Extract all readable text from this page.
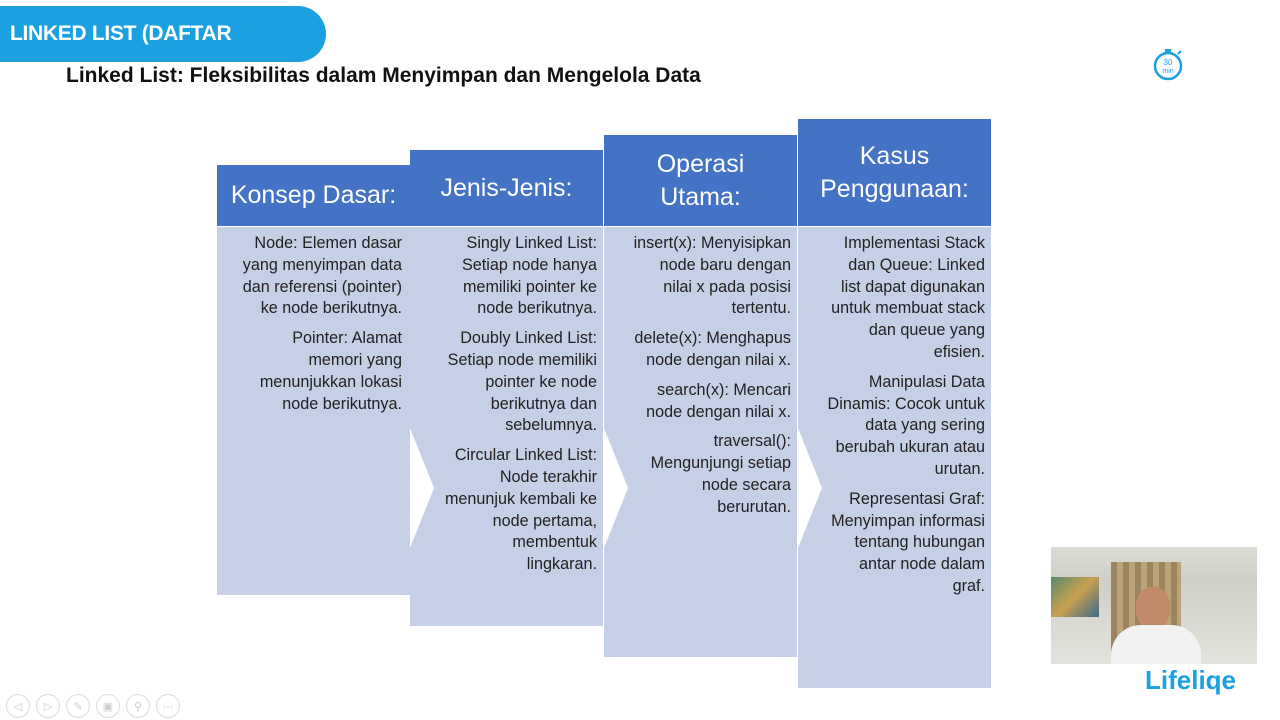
LINKED LIST (DAFTAR TERTAUT)
Linked List: Fleksibilitas dalam Menyimpan dan Mengelola Data
30
min
Konsep Dasar:

Node: Elemen dasar yang menyimpan data dan referensi (pointer) ke node berikutnya.

Pointer: Alamat memori yang menunjukkan lokasi node berikutnya.

Jenis-Jenis:

Singly Linked List: Setiap node hanya memiliki pointer ke node berikutnya.

Doubly Linked List: Setiap node memiliki pointer ke node berikutnya dan sebelumnya.

Circular Linked List: Node terakhir menunjuk kembali ke node pertama, membentuk lingkaran.

Operasi Utama:

insert(x): Menyisipkan node baru dengan nilai x pada posisi tertentu.

delete(x): Menghapus node dengan nilai x.

search(x): Mencari node dengan nilai x.

traversal(): Mengunjungi setiap node secara berurutan.

Kasus Penggunaan:

Implementasi Stack dan Queue: Linked list dapat digunakan untuk membuat stack dan queue yang efisien.

Manipulasi Data Dinamis: Cocok untuk data yang sering berubah ukuran atau urutan.

Representasi Graf: Menyimpan informasi tentang hubungan antar node dalam graf.

Lifeliqe
◁	▷	✎	▣	⚲	⋯
